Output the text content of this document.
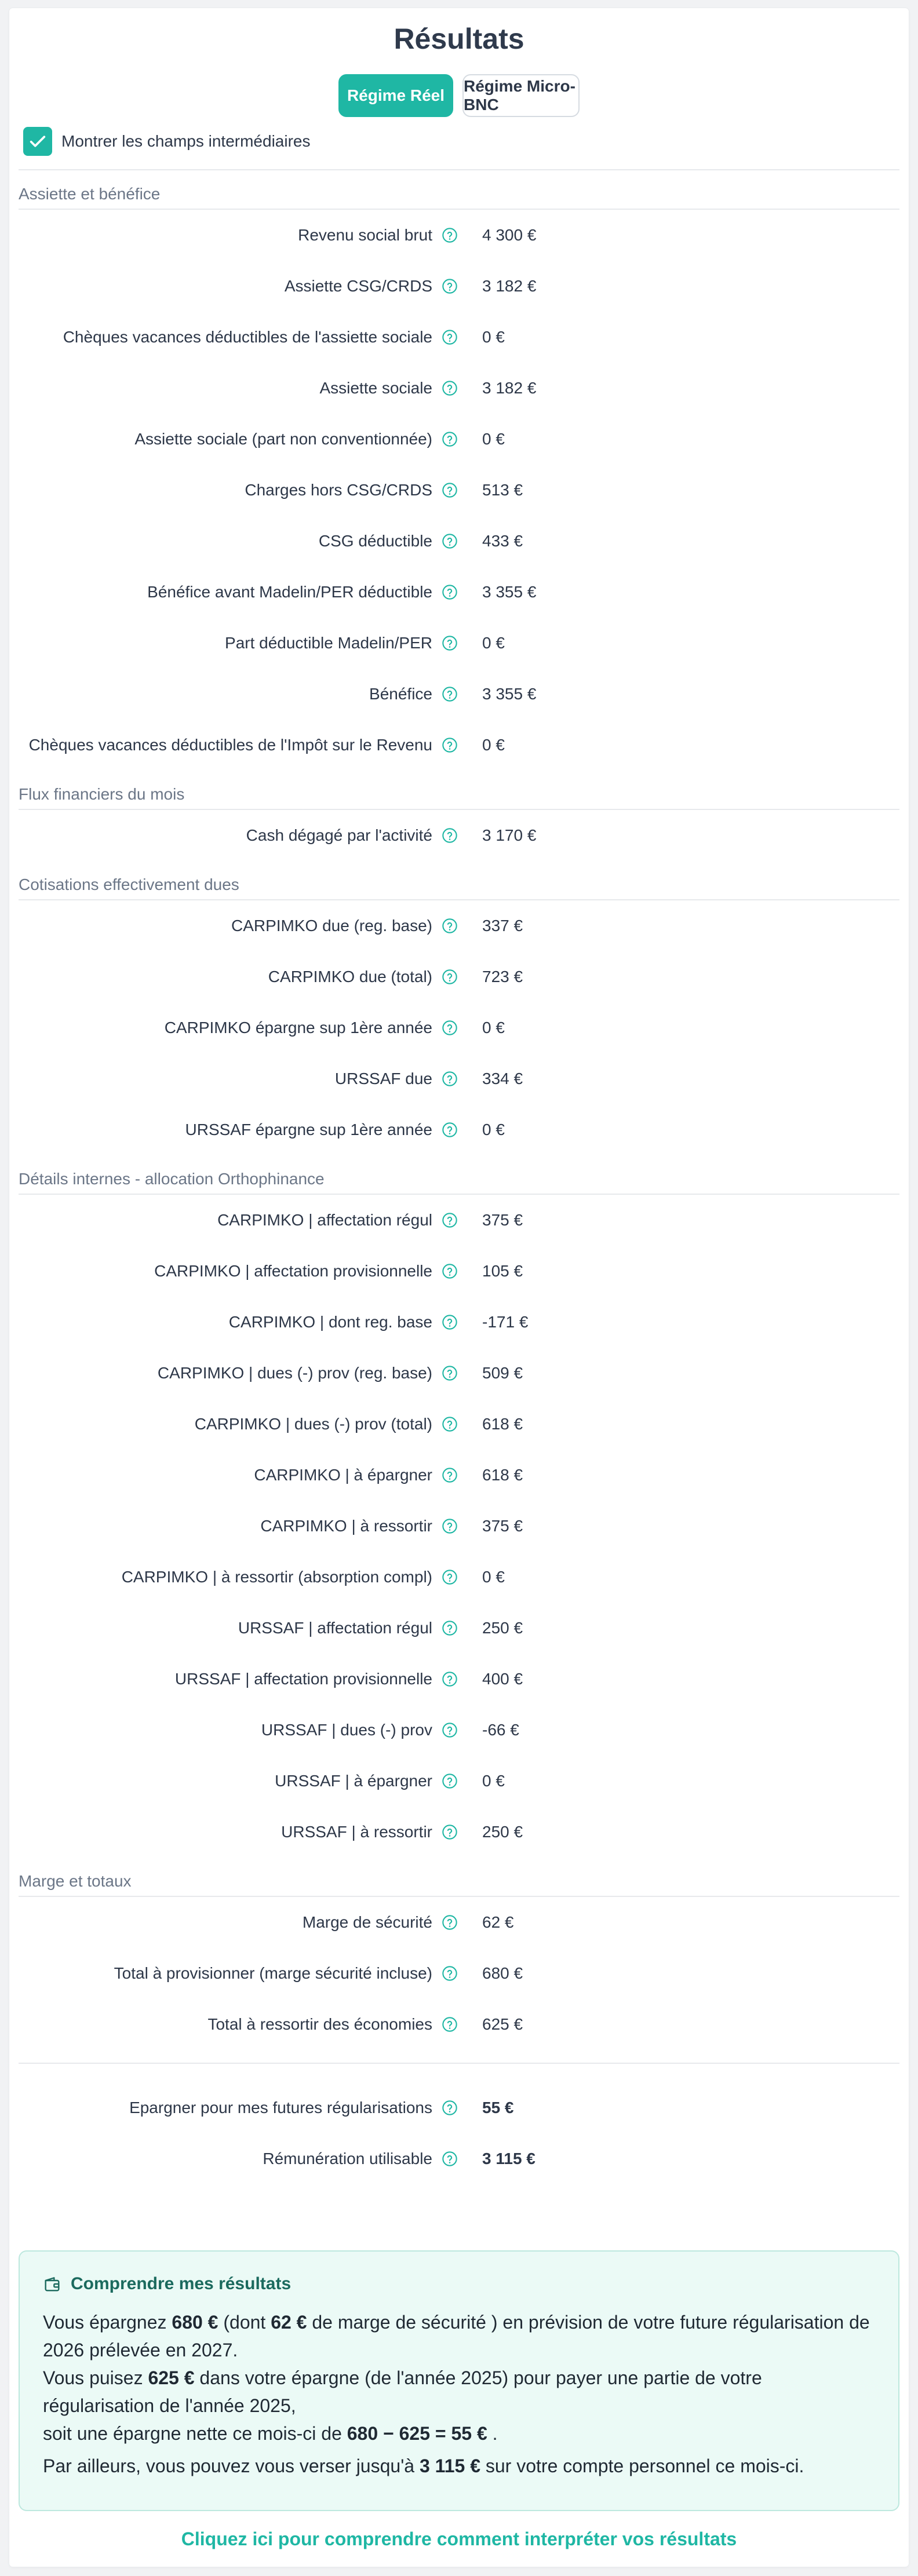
Résultats
Régime Réel
Régime Micro-BNC
Montrer les champs intermédiaires
Assiette et bénéfice
Revenu social brut	4 300 €
Assiette CSG/CRDS	3 182 €
Chèques vacances déductibles de l'assiette sociale	0 €
Assiette sociale	3 182 €
Assiette sociale (part non conventionnée)	0 €
Charges hors CSG/CRDS	513 €
CSG déductible	433 €
Bénéfice avant Madelin/PER déductible	3 355 €
Part déductible Madelin/PER	0 €
Bénéfice	3 355 €
Chèques vacances déductibles de l'Impôt sur le Revenu	0 €
Flux financiers du mois
Cash dégagé par l'activité	3 170 €
Cotisations effectivement dues
CARPIMKO due (reg. base)	337 €
CARPIMKO due (total)	723 €
CARPIMKO épargne sup 1ère année	0 €
URSSAF due	334 €
URSSAF épargne sup 1ère année	0 €
Détails internes - allocation Orthophinance
CARPIMKO | affectation régul	375 €
CARPIMKO | affectation provisionnelle	105 €
CARPIMKO | dont reg. base	-171 €
CARPIMKO | dues (-) prov (reg. base)	509 €
CARPIMKO | dues (-) prov (total)	618 €
CARPIMKO | à épargner	618 €
CARPIMKO | à ressortir	375 €
CARPIMKO | à ressortir (absorption compl)	0 €
URSSAF | affectation régul	250 €
URSSAF | affectation provisionnelle	400 €
URSSAF | dues (-) prov	-66 €
URSSAF | à épargner	0 €
URSSAF | à ressortir	250 €
Marge et totaux
Marge de sécurité	62 €
Total à provisionner (marge sécurité incluse)	680 €
Total à ressortir des économies	625 €
Epargner pour mes futures régularisations	55 €
Rémunération utilisable	3 115 €
Comprendre mes résultats

Vous épargnez 680 € (dont 62 € de marge de sécurité ) en prévision de votre future régularisation de 2026 prélevée en 2027.

Vous puisez 625 € dans votre épargne (de l'année 2025) pour payer une partie de votre régularisation de l'année 2025,

soit une épargne nette ce mois-ci de 680 − 625 = 55 € .

Par ailleurs, vous pouvez vous verser jusqu'à 3 115 € sur votre compte personnel ce mois-ci.

Cliquez ici pour comprendre comment interpréter vos résultats
